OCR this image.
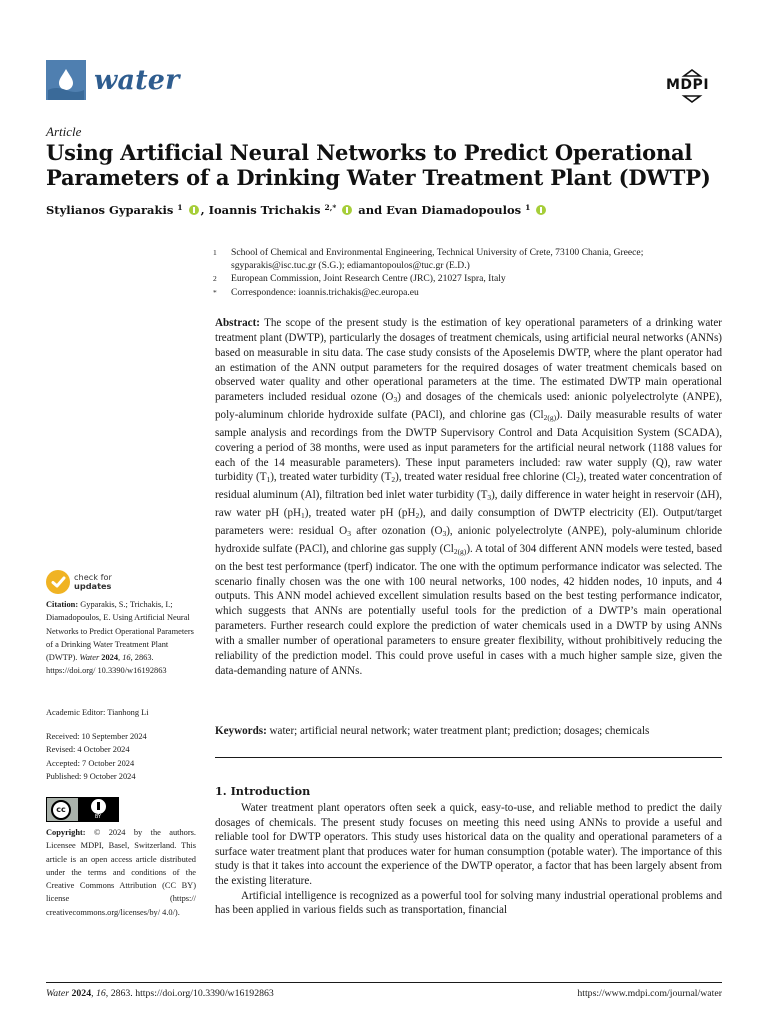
water	MDPI
Article
Using Artificial Neural Networks to Predict Operational Parameters of a Drinking Water Treatment Plant (DWTP)
Stylianos Gyparakis $^1$ , Ioannis Trichakis $^{2,*}$ and Evan Diamadopoulos $^1$
1	School of Chemical and Environmental Engineering, Technical University of Crete, 73100 Chania, Greece; sgyparakis@isc.tuc.gr (S.G.); ediamantopoulos@tuc.gr (E.D.)
2	European Commission, Joint Research Centre (JRC), 21027 Ispra, Italy
*	Correspondence: ioannis.trichakis@ec.europa.eu
Abstract: The scope of the present study is the estimation of key operational parameters of a drinking water treatment plant (DWTP), particularly the dosages of treatment chemicals, using artificial neural networks (ANNs) based on measurable in situ data. The case study consists of the Aposelemis DWTP, where the plant operator had an estimation of the ANN output parameters for the required dosages of water treatment chemicals based on observed water quality and other operational parameters at the time. The estimated DWTP main operational parameters included residual ozone $(O_3)$ and dosages of the chemicals used: anionic polyelectrolyte (ANPE), poly-aluminum chloride hydroxide sulfate (PACl), and chlorine gas $(Cl_{2(g)})$. Daily measurable results of water sample analysis and recordings from the DWTP Supervisory Control and Data Acquisition System (SCADA), covering a period of 38 months, were used as input parameters for the artificial neural network (1188 values for each of the 14 measurable parameters). These input parameters included: raw water supply (Q), raw water turbidity $(T_1)$, treated water turbidity $(T_2)$, treated water residual free chlorine $(Cl_2)$, treated water concentration of residual aluminum (Al), filtration bed inlet water turbidity $(T_3)$, daily difference in water height in reservoir (ΔH), raw water pH $(pH_1)$, treated water pH $(pH_2)$, and daily consumption of DWTP electricity (El). Output/target parameters were: residual $O_3$ after ozonation $(O_3)$, anionic polyelectrolyte (ANPE), poly-aluminum chloride hydroxide sulfate (PACl), and chlorine gas supply $(Cl_{2(g)})$. A total of 304 different ANN models were tested, based on the best test performance (tperf) indicator. The one with the optimum performance indicator was selected. The scenario finally chosen was the one with 100 neural networks, 100 nodes, 42 hidden nodes, 10 inputs, and 4 outputs. This ANN model achieved excellent simulation results based on the best testing performance indicator, which suggests that ANNs are potentially useful tools for the prediction of a DWTP’s main operational parameters. Further research could explore the prediction of water chemicals used in a DWTP by using ANNs with a smaller number of operational parameters to ensure greater flexibility, without prohibitively reducing the reliability of the prediction model. This could prove useful in cases with a much higher sample size, given the data-demanding nature of ANNs.
Keywords: water; artificial neural network; water treatment plant; prediction; dosages; chemicals
1. Introduction

Water treatment plant operators often seek a quick, easy-to-use, and reliable method to predict the daily dosages of chemicals. The present study focuses on meeting this need using ANNs to provide a useful and reliable tool for DWTP operators. This study uses historical data on the quality and operational parameters of a surface water treatment plant that produces water for human consumption (potable water). The importance of this study is that it takes into account the experience of the DWTP operator, a factor that has been largely absent from the existing literature.

Artificial intelligence is recognized as a powerful tool for solving many industrial operational problems and has been applied in various fields such as transportation, financial

check for
updates
Citation: Gyparakis, S.; Trichakis, I.; Diamadopoulos, E. Using Artificial Neural Networks to Predict Operational Parameters of a Drinking Water Treatment Plant (DWTP). Water 2024, 16, 2863. https://doi.org/ 10.3390/w16192863
Academic Editor: Tianhong Li
Received: 10 September 2024
Revised: 4 October 2024
Accepted: 7 October 2024
Published: 9 October 2024
cc
BY
Copyright: © 2024 by the authors. Licensee MDPI, Basel, Switzerland. This article is an open access article distributed under the terms and conditions of the Creative Commons Attribution (CC BY) license (https:// creativecommons.org/licenses/by/ 4.0/).
Water 2024, 16, 2863. https://doi.org/10.3390/w16192863	https://www.mdpi.com/journal/water
